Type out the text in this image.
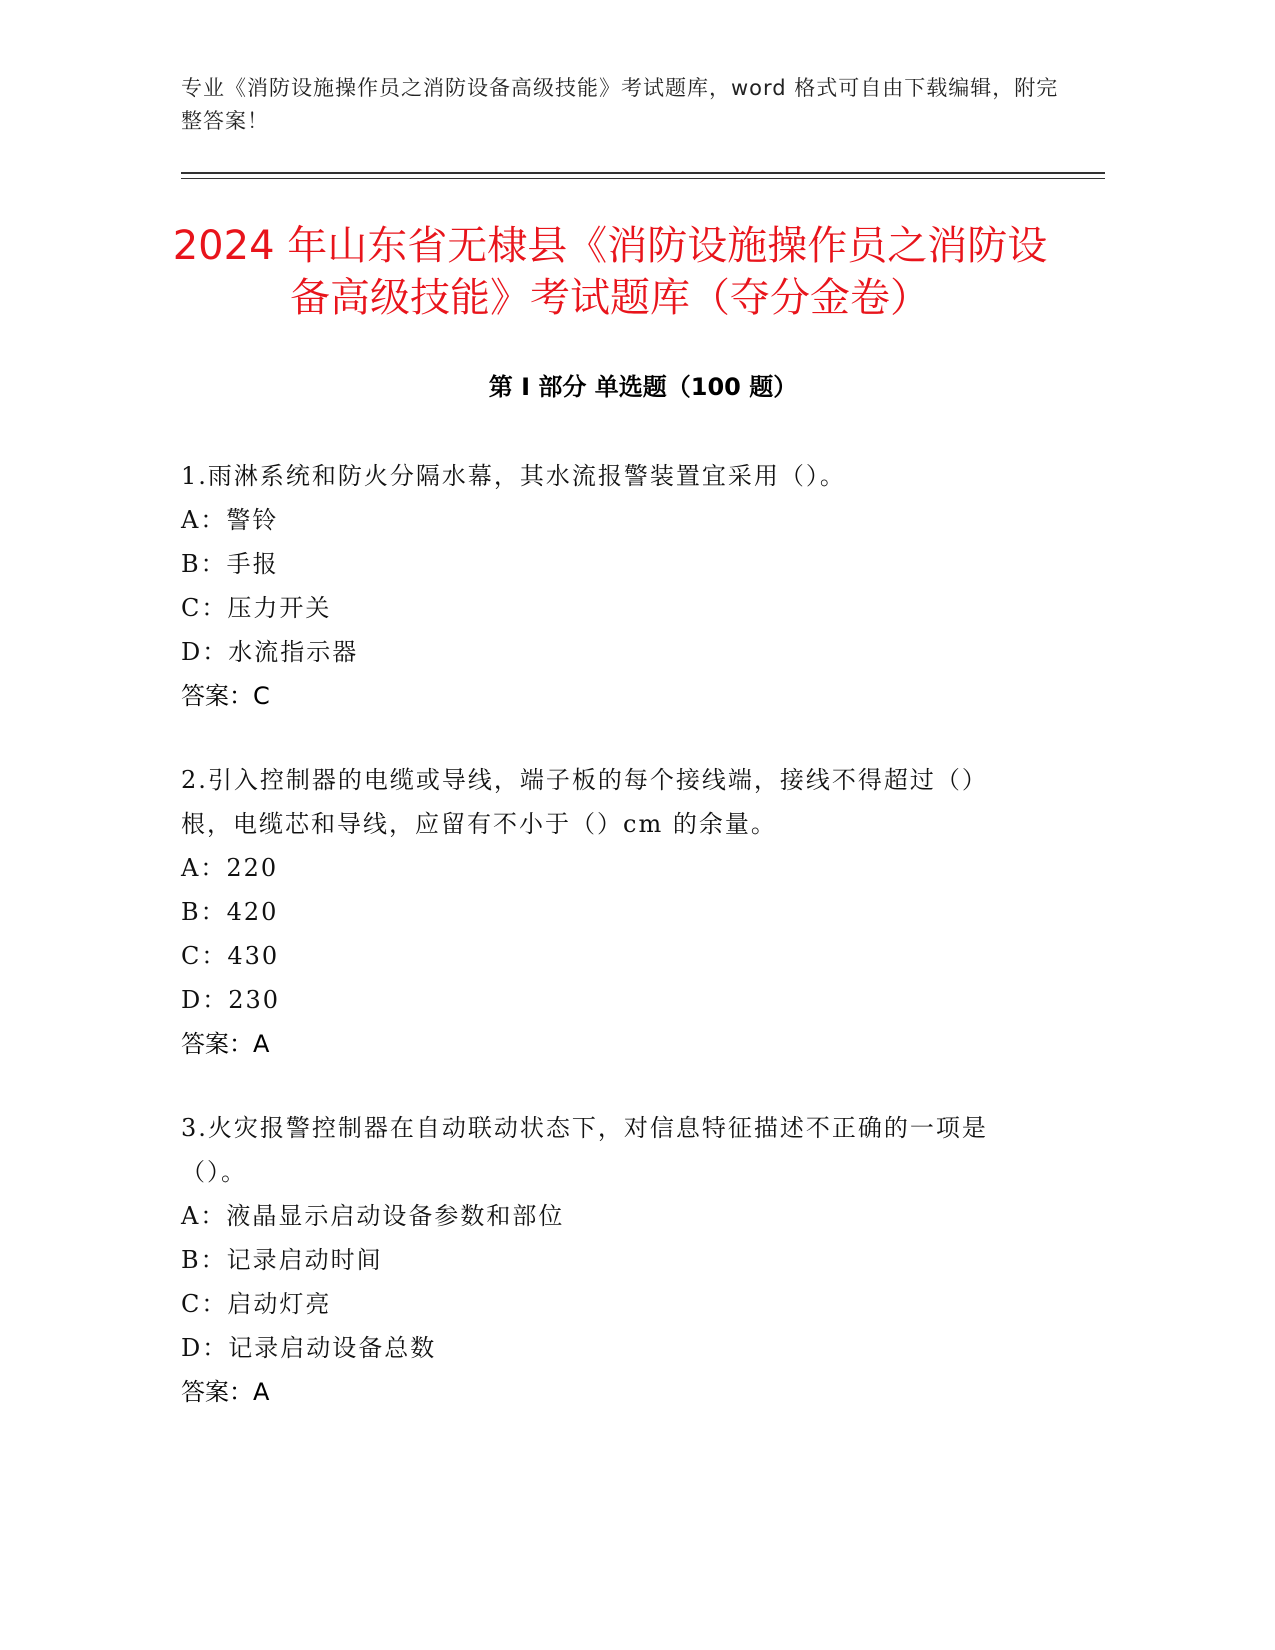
专业《消防设施操作员之消防设备高级技能》考试题库，word 格式可自由下载编辑，附完整答案！
2024 年山东省无棣县《消防设施操作员之消防设备高级技能》考试题库（夺分金卷）
第 I 部分 单选题（100 题）
1.雨淋系统和防火分隔水幕，其水流报警装置宜采用（）。
A：警铃
B：手报
C：压力开关
D：水流指示器
答案：C
2.引入控制器的电缆或导线，端子板的每个接线端，接线不得超过（）根，电缆芯和导线，应留有不小于（）cm 的余量。
A：220
B：420
C：430
D：230
答案：A
3.火灾报警控制器在自动联动状态下，对信息特征描述不正确的一项是（）。
A：液晶显示启动设备参数和部位
B：记录启动时间
C：启动灯亮
D：记录启动设备总数
答案：A
